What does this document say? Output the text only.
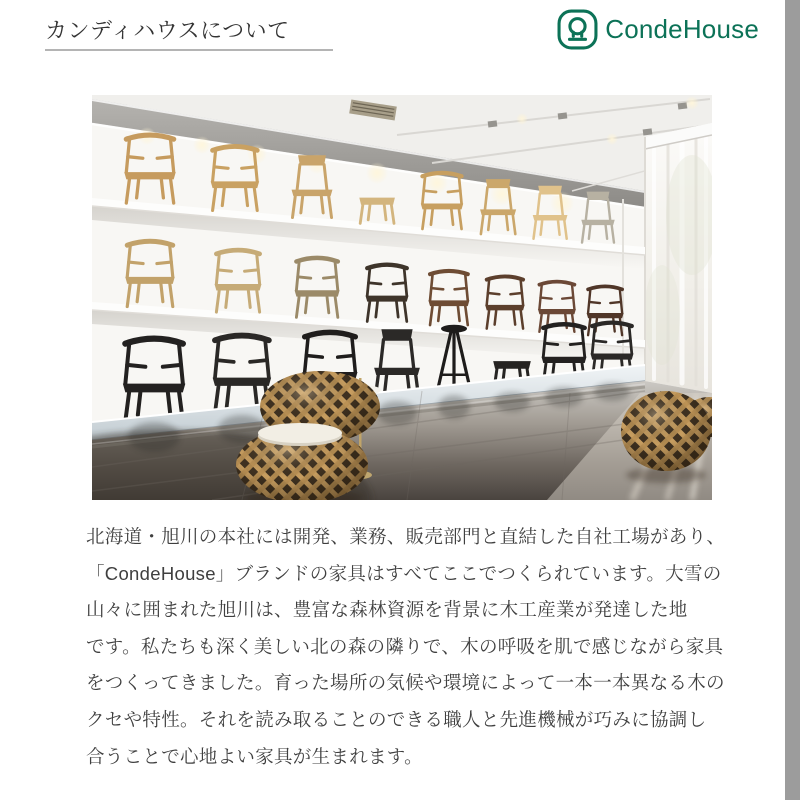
カンディハウスについて	CondeHouse
北海道・旭川の本社には開発、業務、販売部門と直結した自社工場があり、
「CondeHouse」ブランドの家具はすべてここでつくられています。大雪の
山々に囲まれた旭川は、豊富な森林資源を背景に木工産業が発達した地
です。私たちも深く美しい北の森の隣りで、木の呼吸を肌で感じながら家具
をつくってきました。育った場所の気候や環境によって一本一本異なる木の
クセや特性。それを読み取ることのできる職人と先進機械が巧みに協調し
合うことで心地よい家具が生まれます。
